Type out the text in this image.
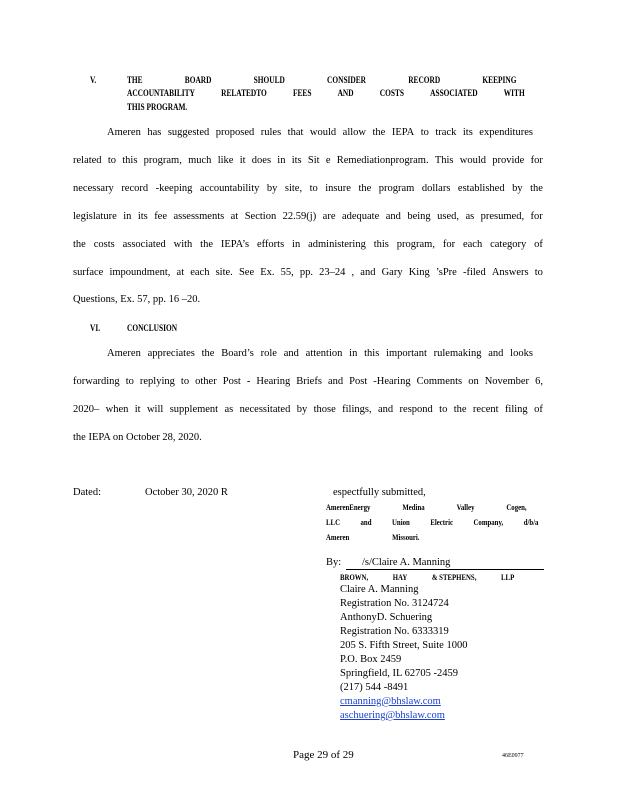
V.	THE	BOARD	SHOULD	CONSIDER	RECORD	KEEPING
ACCOUNTABILITY	RELATEDTO	FEES	AND	COSTS	ASSOCIATED	WITH
THIS PROGRAM.
Ameren has suggested proposed rules that would allow the IEPA to track its expenditures
related to this program, much like it does in its Sit e Remediationprogram. This would provide for
necessary record -keeping accountability by site, to insure the program dollars established by the
legislature in its fee assessments at Section 22.59(j) are adequate and being used, as presumed, for
the costs associated with the IEPA’s efforts in administering this program, for each category of
surface impoundment, at each site. See Ex. 55, pp. 23–24 , and Gary King ’sPre -filed Answers to
Questions, Ex. 57, pp. 16 –20.
VI.	CONCLUSION
Ameren appreciates the Board’s role and attention in this important rulemaking and looks
forwarding to replying to other Post - Hearing Briefs and Post -Hearing Comments on November 6,
2020– when it will supplement as necessitated by those filings, and respond to the recent filing of
the IEPA on October 28, 2020.
Dated:	October 30, 2020 R	espectfully submitted,
AmerenEnergy	Medina	Valley	Cogen,
LLC	and	Union	Electric	Company,	d/b/a
Ameren	Missouri.
By:	/s/Claire A. Manning
BROWN,	HAY	& STEPHENS,	LLP
Claire A. Manning
Registration No. 3124724
AnthonyD. Schuering
Registration No. 6333319
205 S. Fifth Street, Suite 1000
P.O. Box 2459
Springfield, IL 62705 -2459
(217) 544 -8491
cmanning@bhslaw.com
aschuering@bhslaw.com
Page 29 of 29	46E0977
